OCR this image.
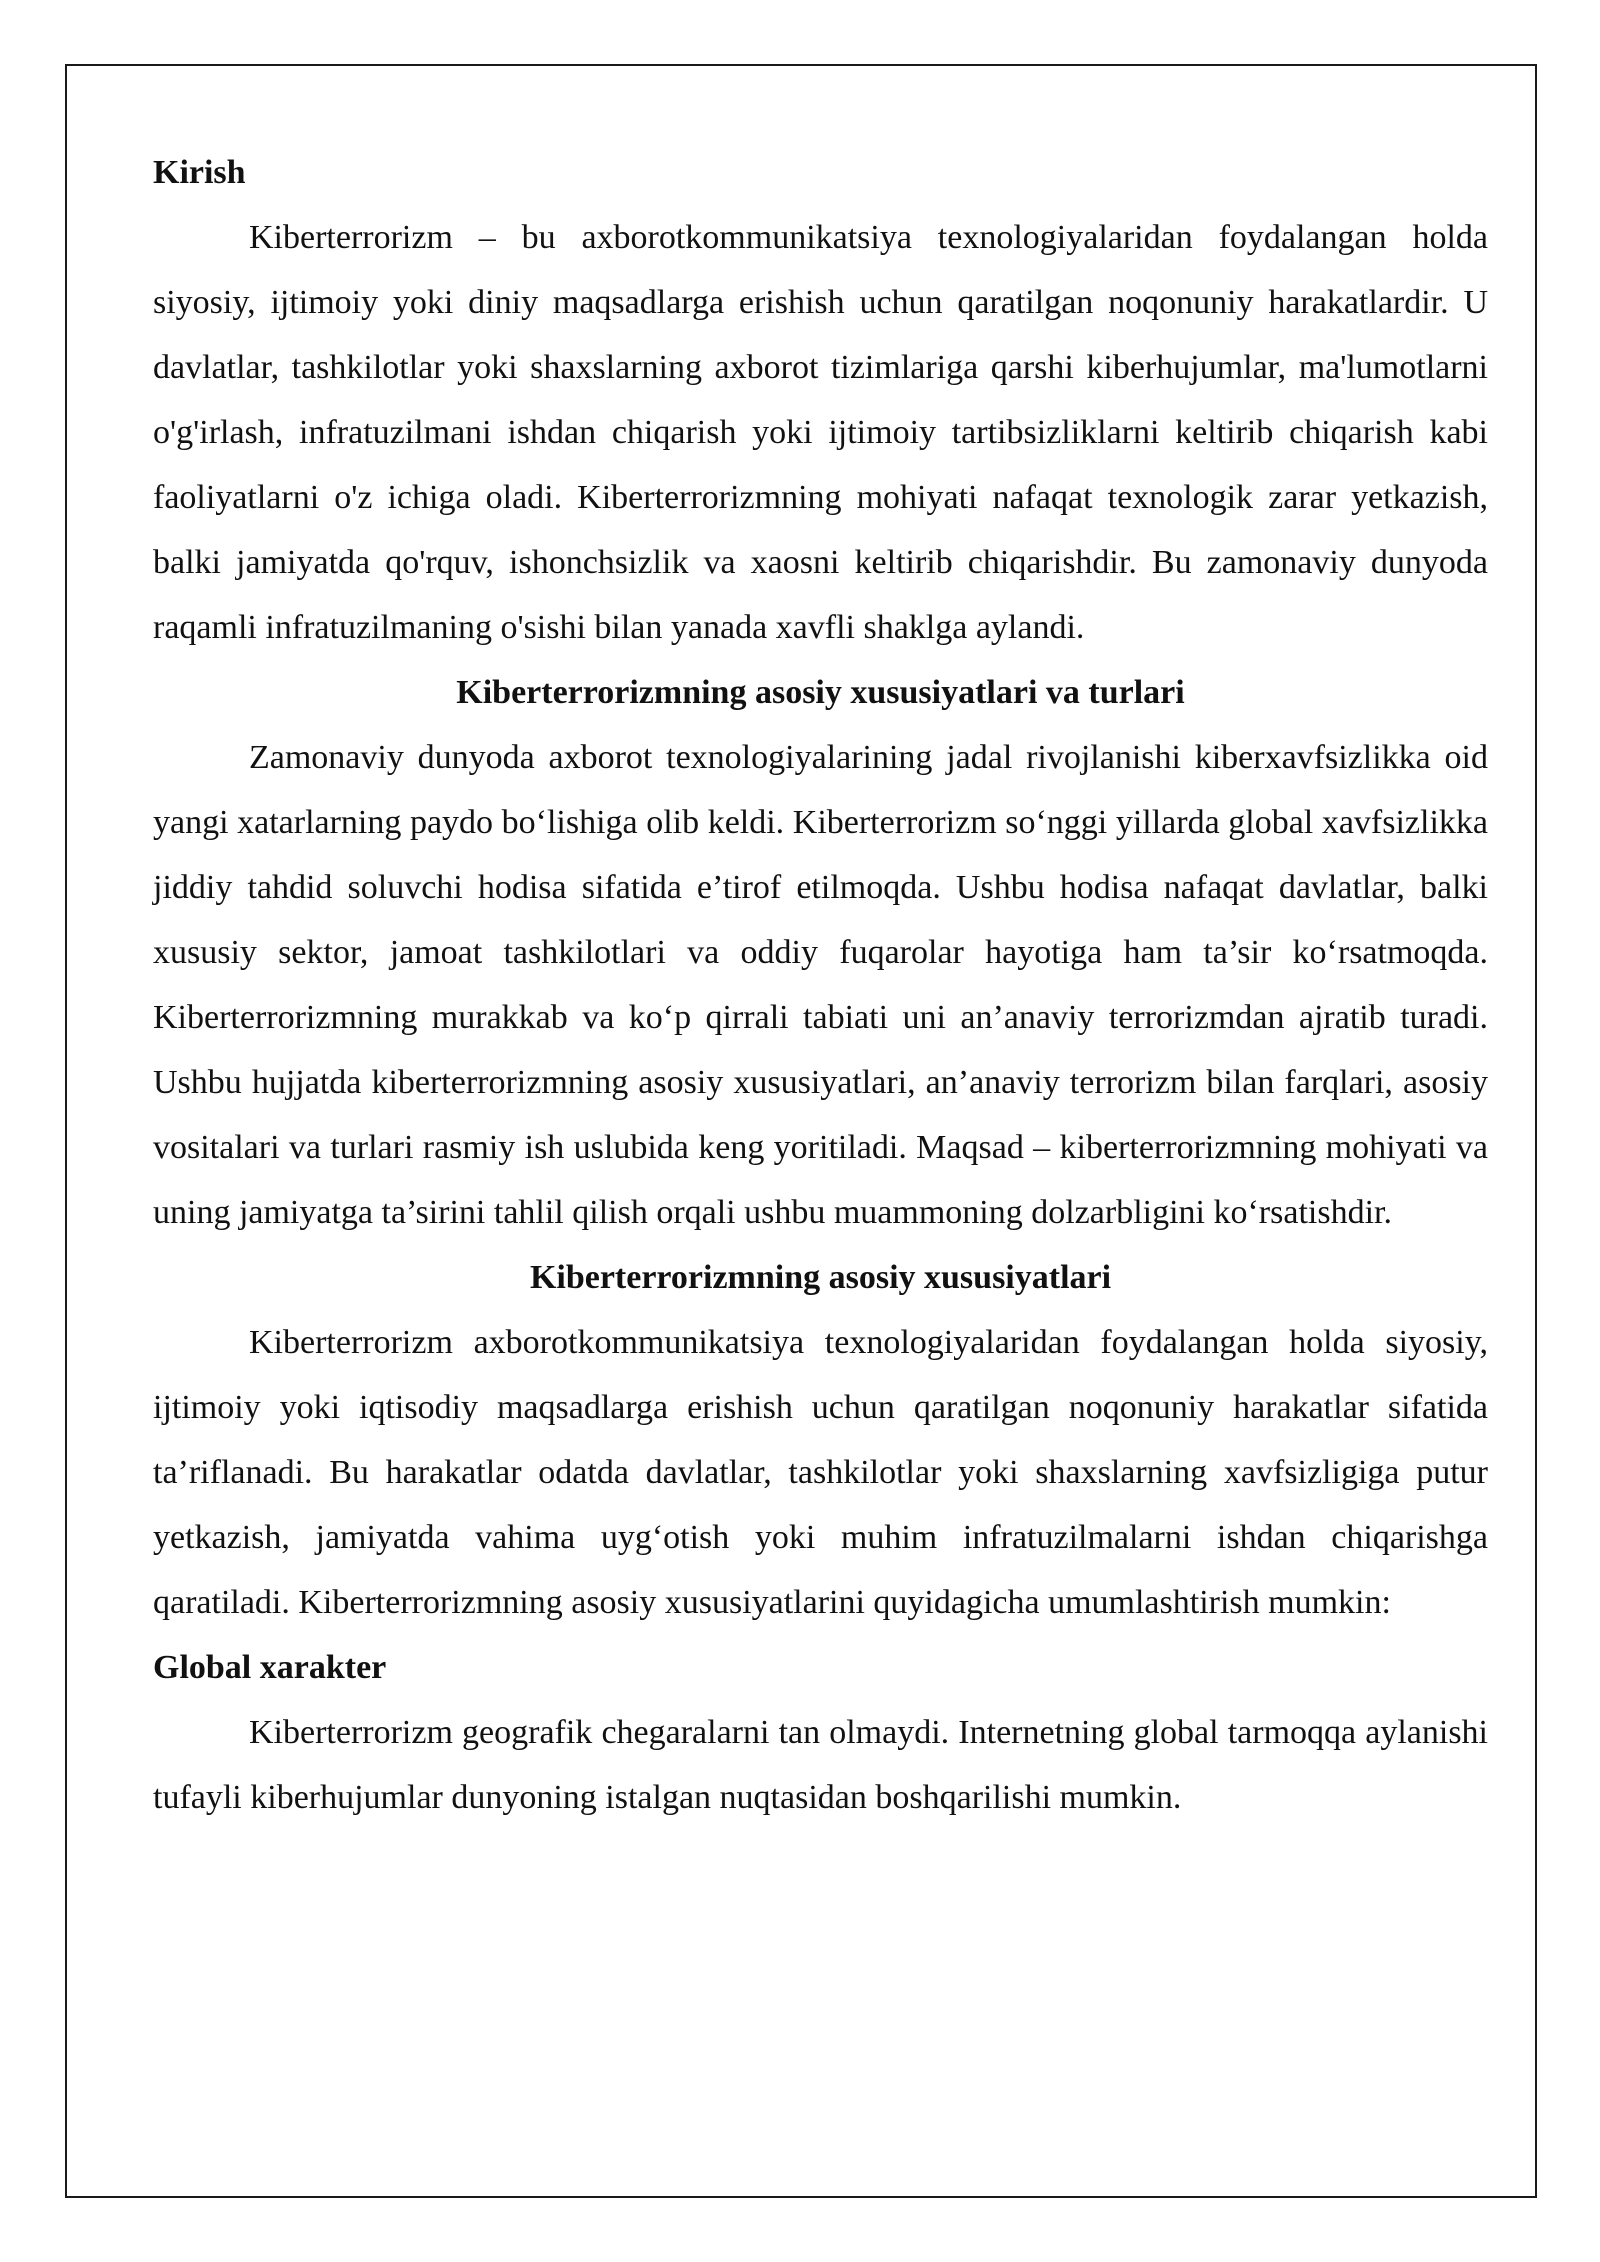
Kirish

Kiberterrorizm – bu axborotkommunikatsiya texnologiyalaridan foydalangan holda siyosiy, ijtimoiy yoki diniy maqsadlarga erishish uchun qaratilgan noqonuniy harakatlardir. U davlatlar, tashkilotlar yoki shaxslarning axborot tizimlariga qarshi kiberhujumlar, ma'lumotlarni o'g'irlash, infratuzilmani ishdan chiqarish yoki ijtimoiy tartibsizliklarni keltirib chiqarish kabi faoliyatlarni o'z ichiga oladi. Kiberterrorizmning mohiyati nafaqat texnologik zarar yetkazish, balki jamiyatda qo'rquv, ishonchsizlik va xaosni keltirib chiqarishdir. Bu zamonaviy dunyoda raqamli infratuzilmaning o'sishi bilan yanada xavfli shaklga aylandi.

Kiberterrorizmning asosiy xususiyatlari va turlari

Zamonaviy dunyoda axborot texnologiyalarining jadal rivojlanishi kiberxavfsizlikka oid yangi xatarlarning paydo bo‘lishiga olib keldi. Kiberterrorizm so‘nggi yillarda global xavfsizlikka jiddiy tahdid soluvchi hodisa sifatida e’tirof etilmoqda. Ushbu hodisa nafaqat davlatlar, balki xususiy sektor, jamoat tashkilotlari va oddiy fuqarolar hayotiga ham ta’sir ko‘rsatmoqda. Kiberterrorizmning murakkab va ko‘p qirrali tabiati uni an’anaviy terrorizmdan ajratib turadi. Ushbu hujjatda kiberterrorizmning asosiy xususiyatlari, an’anaviy terrorizm bilan farqlari, asosiy vositalari va turlari rasmiy ish uslubida keng yoritiladi. Maqsad – kiberterrorizmning mohiyati va uning jamiyatga ta’sirini tahlil qilish orqali ushbu muammoning dolzarbligini ko‘rsatishdir.

Kiberterrorizmning asosiy xususiyatlari

Kiberterrorizm axborotkommunikatsiya texnologiyalaridan foydalangan holda siyosiy, ijtimoiy yoki iqtisodiy maqsadlarga erishish uchun qaratilgan noqonuniy harakatlar sifatida ta’riflanadi. Bu harakatlar odatda davlatlar, tashkilotlar yoki shaxslarning xavfsizligiga putur yetkazish, jamiyatda vahima uyg‘otish yoki muhim infratuzilmalarni ishdan chiqarishga qaratiladi. Kiberterrorizmning asosiy xususiyatlarini quyidagicha umumlashtirish mumkin:

Global xarakter

Kiberterrorizm geografik chegaralarni tan olmaydi. Internetning global tarmoqqa aylanishi tufayli kiberhujumlar dunyoning istalgan nuqtasidan boshqarilishi mumkin.
